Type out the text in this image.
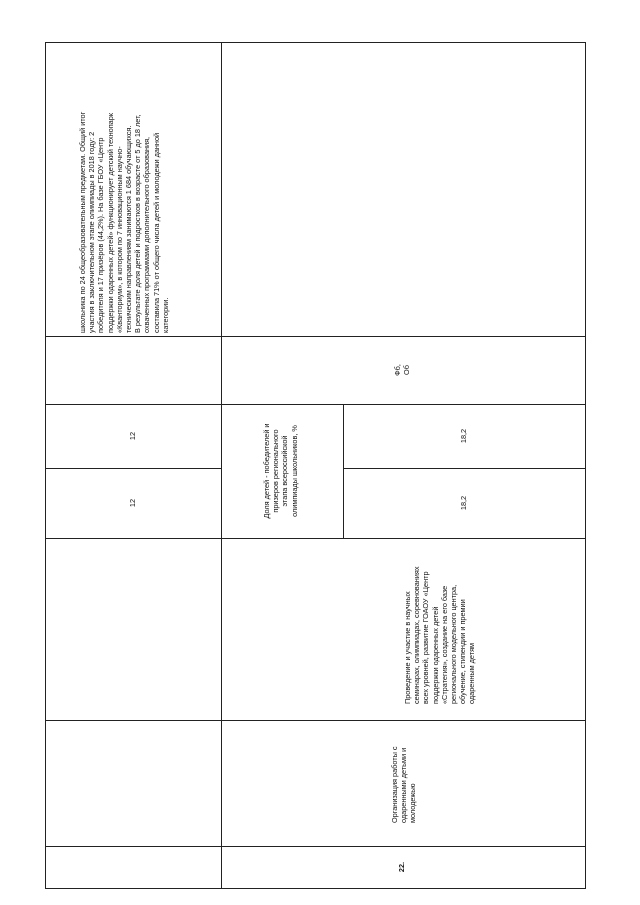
школьника по 24 общеобразовательным предметам. Общий итог
участия в заключительном этапе олимпиады в 2018 году: 2
победителя и 17 призёров (44,2%). На базе ГБОУ «Центр
поддержки одаренных детей» функционирует детский технопарк
«Кванториум», в котором по 7 инновационным научно-
техническим направлениям занимаются 1 684 обучающихся.
В результате доля детей и подростков в возрасте от 5 до 18 лет,
охваченных программами дополнительного образования,
составила 71% от общего числа детей и молодежи данной
категории.
Фб,
Об
12
12	Доля детей - победителей и
призеров регионального
этапа всероссийской
олимпиады школьников, %
18,2
18,2
Проведение и участие в научных
семинарах, олимпиадах, соревнованиях
всех уровней, развитие ГОАОУ «Центр
поддержки одаренных детей
«Стратегия», создание на его базе
регионального модельного центра,
обучение, стипендии и премии
одаренным детям
Организация работы с
одаренными детьми и
молодежью
22.
